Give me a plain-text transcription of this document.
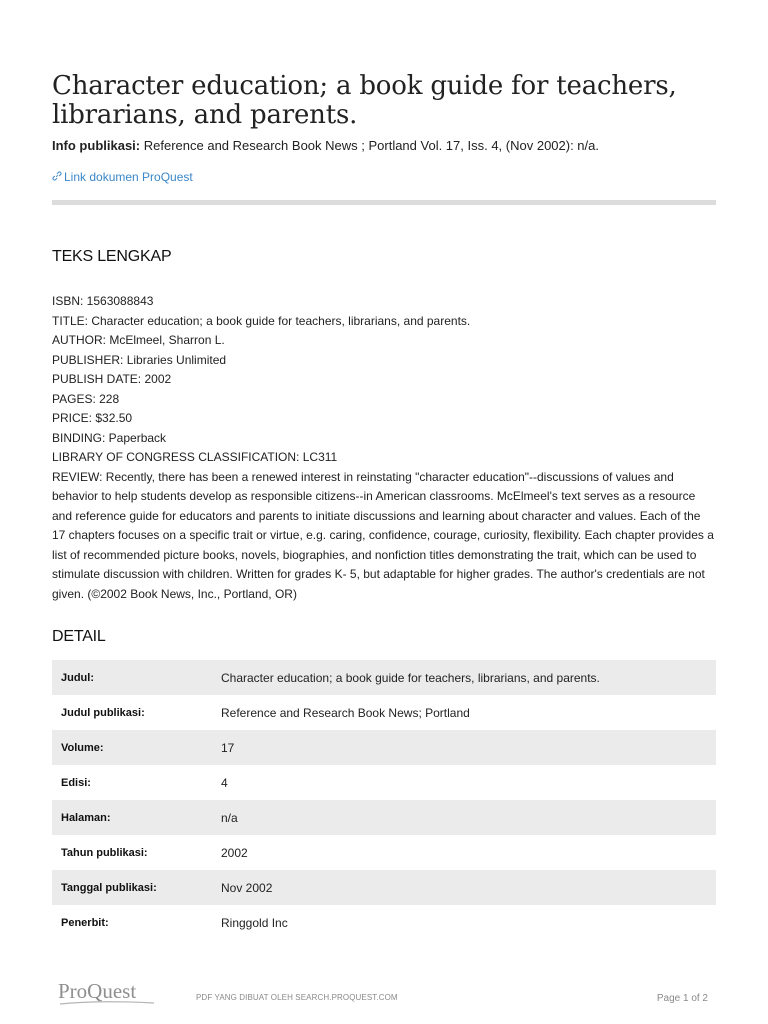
Character education; a book guide for teachers, librarians, and parents.
Info publikasi: Reference and Research Book News ; Portland Vol. 17, Iss. 4, (Nov 2002): n/a.
Link dokumen ProQuest
TEKS LENGKAP
ISBN: 1563088843
TITLE: Character education; a book guide for teachers, librarians, and parents.
AUTHOR: McElmeel, Sharron L.
PUBLISHER: Libraries Unlimited
PUBLISH DATE: 2002
PAGES: 228
PRICE: $32.50
BINDING: Paperback
LIBRARY OF CONGRESS CLASSIFICATION: LC311
REVIEW: Recently, there has been a renewed interest in reinstating "character education"--discussions of values and behavior to help students develop as responsible citizens--in American classrooms. McElmeel's text serves as a resource and reference guide for educators and parents to initiate discussions and learning about character and values. Each of the 17 chapters focuses on a specific trait or virtue, e.g. caring, confidence, courage, curiosity, flexibility. Each chapter provides a list of recommended picture books, novels, biographies, and nonfiction titles demonstrating the trait, which can be used to stimulate discussion with children. Written for grades K- 5, but adaptable for higher grades. The author's credentials are not given. (©2002 Book News, Inc., Portland, OR)
DETAIL
Judul:	Character education; a book guide for teachers, librarians, and parents.
Judul publikasi:	Reference and Research Book News; Portland
Volume:	17
Edisi:	4
Halaman:	n/a
Tahun publikasi:	2002
Tanggal publikasi:	Nov 2002
Penerbit:	Ringgold Inc
ProQuest	PDF YANG DIBUAT OLEH SEARCH.PROQUEST.COM	Page 1 of 2
